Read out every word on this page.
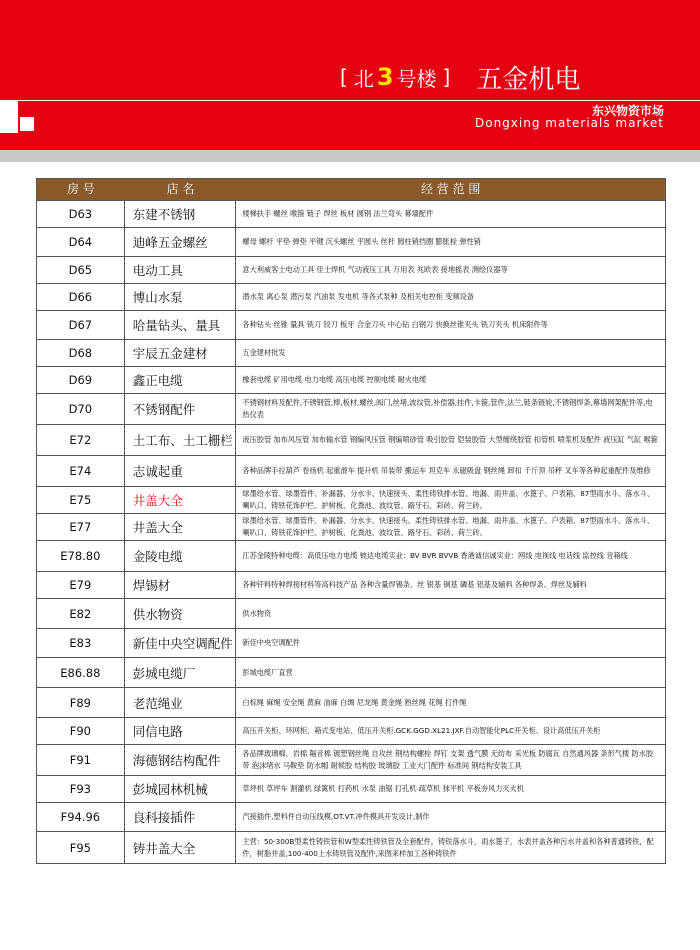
[ 北 3 号楼 ] 五金机电
东兴物资市场
Dongxing materials market
房 号	店 名	经 营 范 围
D63	东建不锈钢	楼梯扶手 螺丝 喉箍 链子 焊丝 板材 圆钢 法兰弯头 幕墙配件
D64	迪峰五金螺丝	螺母 螺杆 平垫 弹垫 平键 沉头螺丝 平圆头 丝杆 圆柱销挡圈 膨胀栓 弹性销
D65	电动工具	意大利威客士电动工具 佳士焊机 气动液压工具 万用表 兆欧表 接地摇表 测绘仪器等
D66	博山水泵	潜水泵 离心泵 潜污泵 汽油泵 发电机 等各式泵种 及相关电控柜 变频设备
D67	哈量钻头、量具	各种钻头 丝锥 量具 铣刀 铰刀 板牙 合金刀头 中心钻 白钢刀 快换丝锥夹头 铣刀夹头 机床附件等
D68	宇辰五金建材	五金建材批发
D69	鑫正电缆	橡套电缆 矿用电缆 电力电缆 高压电缆 控制电缆 耐火电缆
D70	不锈钢配件	不锈钢材料及配件,不锈钢管,棒,板材,螺丝,阀门,丝堵,波纹管,补偿器,挂件,卡箍,管件,法兰,链条链轮,不锈钢焊条,幕墙网架配件等,电热仪表
E72	土工布、土工栅栏	液压胶管 加布风压管 加布输水管 钢编风压管 钢编喷砂管 吸引胶管 铠装胶管 大型缠绕胶管 扣管机 喷浆机及配件 液压缸 气缸 喉箍
E74	志诚起重	各种品牌手拉葫芦 卷扬机 起重滑车 提升机 吊装带 搬运车 坦克车 永磁吸盘 钢丝绳 卸扣 千斤顶 吊秤 叉车等各种起重配件及维修
E75	井盖大全	球墨给水管、球墨管件、补漏器、分水卡、快速接头、柔性铸铁排水管、地漏、雨井盖、水篦子、户表箱、87型雨水斗、落水斗、喇叭口、铸铁花饰护栏、护树板、化粪池、波纹管、路牙石、彩砖、荷兰砖。
E77	井盖大全	球墨给水管、球墨管件、补漏器、分水卡、快速接头、柔性铸铁排水管、地漏、雨井盖、水篦子、户表箱、87型雨水斗、落水斗、喇叭口、铸铁花饰护栏、护树板、化粪池、波纹管、路牙石、彩砖、荷兰砖。
E78.80	金陵电缆	江苏金陵特种电缆：高低压电力电缆 铍达电缆实业：BV BVR BVVB 香港诚信诚实业：网线 电视线 电话线 监控线 音箱线
E79	焊锡材	各种钎料特种焊接材料等高科技产品 各种含量焊锡条、丝 银基 铜基 磷基 铝基及辅料 各种焊条、焊丝及辅料
E82	供水物资	供水物资
E83	新佳中央空调配件	新佳中央空调配件
E86.88	彭城电缆厂	彭城电缆厂直营
F89	老范绳业	白棕绳 麻绳 安全绳 黄麻 油麻 白绸 尼龙绳 黄金绳 熟丝绳 花绳 打件绳
F90	同信电路	高压开关柜、环网柜、箱式变电站、低压开关柜.GCK.GGD.XL21.JXF.自动智能化PLC开关柜、设计高低压开关柜
F91	海德钢结构配件	各品牌玻璃棉、岩棉 隔音棉 镀塑钢丝绳 自攻丝 钢结构螺栓 焊钉 支架 透气膜 无纺布 采光板 防腐瓦 自然通风器 条形气楼 防水胶带 泡沫堵水 马鞍垫 防水帽 耐候胶 结构胶 玻璃胶 工业大门配件 标准间 钢结构安装工具
F93	彭城园林机械	草坪机 草坪车 割灌机 绿篱机 打药机 水泵 油锯 打孔机 疏草机 抹平机 平板夯风力灭火机
F94.96	良科接插件	汽接插件,塑料件自动压线模,OT.VT.冲件模具开发设计,制作
F95	铸井盖大全	主营：50-300B型柔性铸铁管和W型柔性铸铁管及全套配件，铸铁落水斗，雨水篦子，水表井盖各种污水井盖和各种普通铸铁，配件，树脂井盖,100-400上水铸铁管及配件,来图来样加工各种铸铁件
